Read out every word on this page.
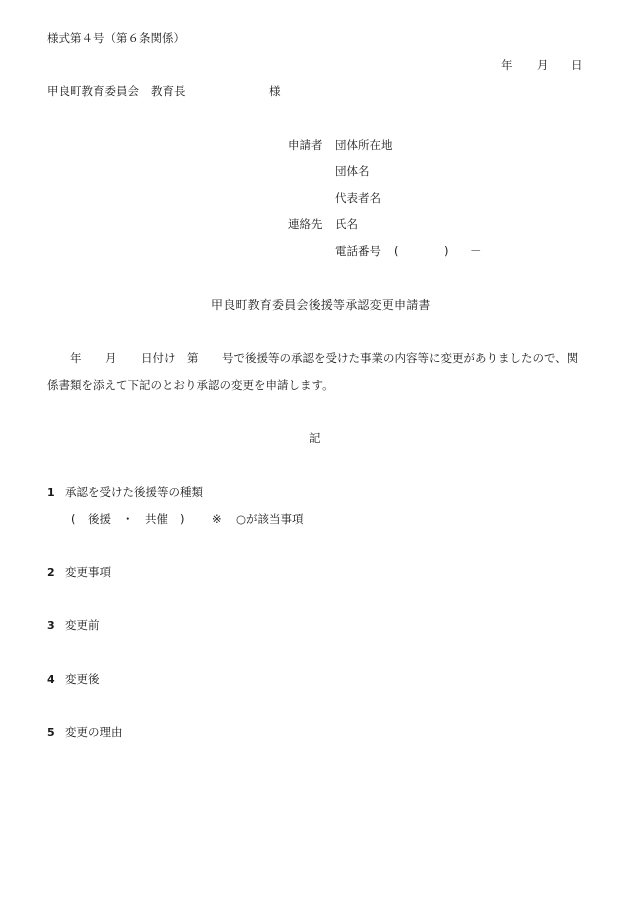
様式第４号（第６条関係）
年 月 日
甲良町教育委員会 教育長	様
申請者 団体所在地
団体名
代表者名
連絡先 氏名
電話番号 (	) －
甲良町教育委員会後援等承認変更申請書
年 月 日付け 第 号で後援等の承認を受けた事業の内容等に変更がありましたので、関
係書類を添えて下記のとおり承認の変更を申請します。
記
1 承認を受けた後援等の種類
( 後援 ・ 共催 ) ※ ○が該当事項
2 変更事項
3 変更前
4 変更後
5 変更の理由
